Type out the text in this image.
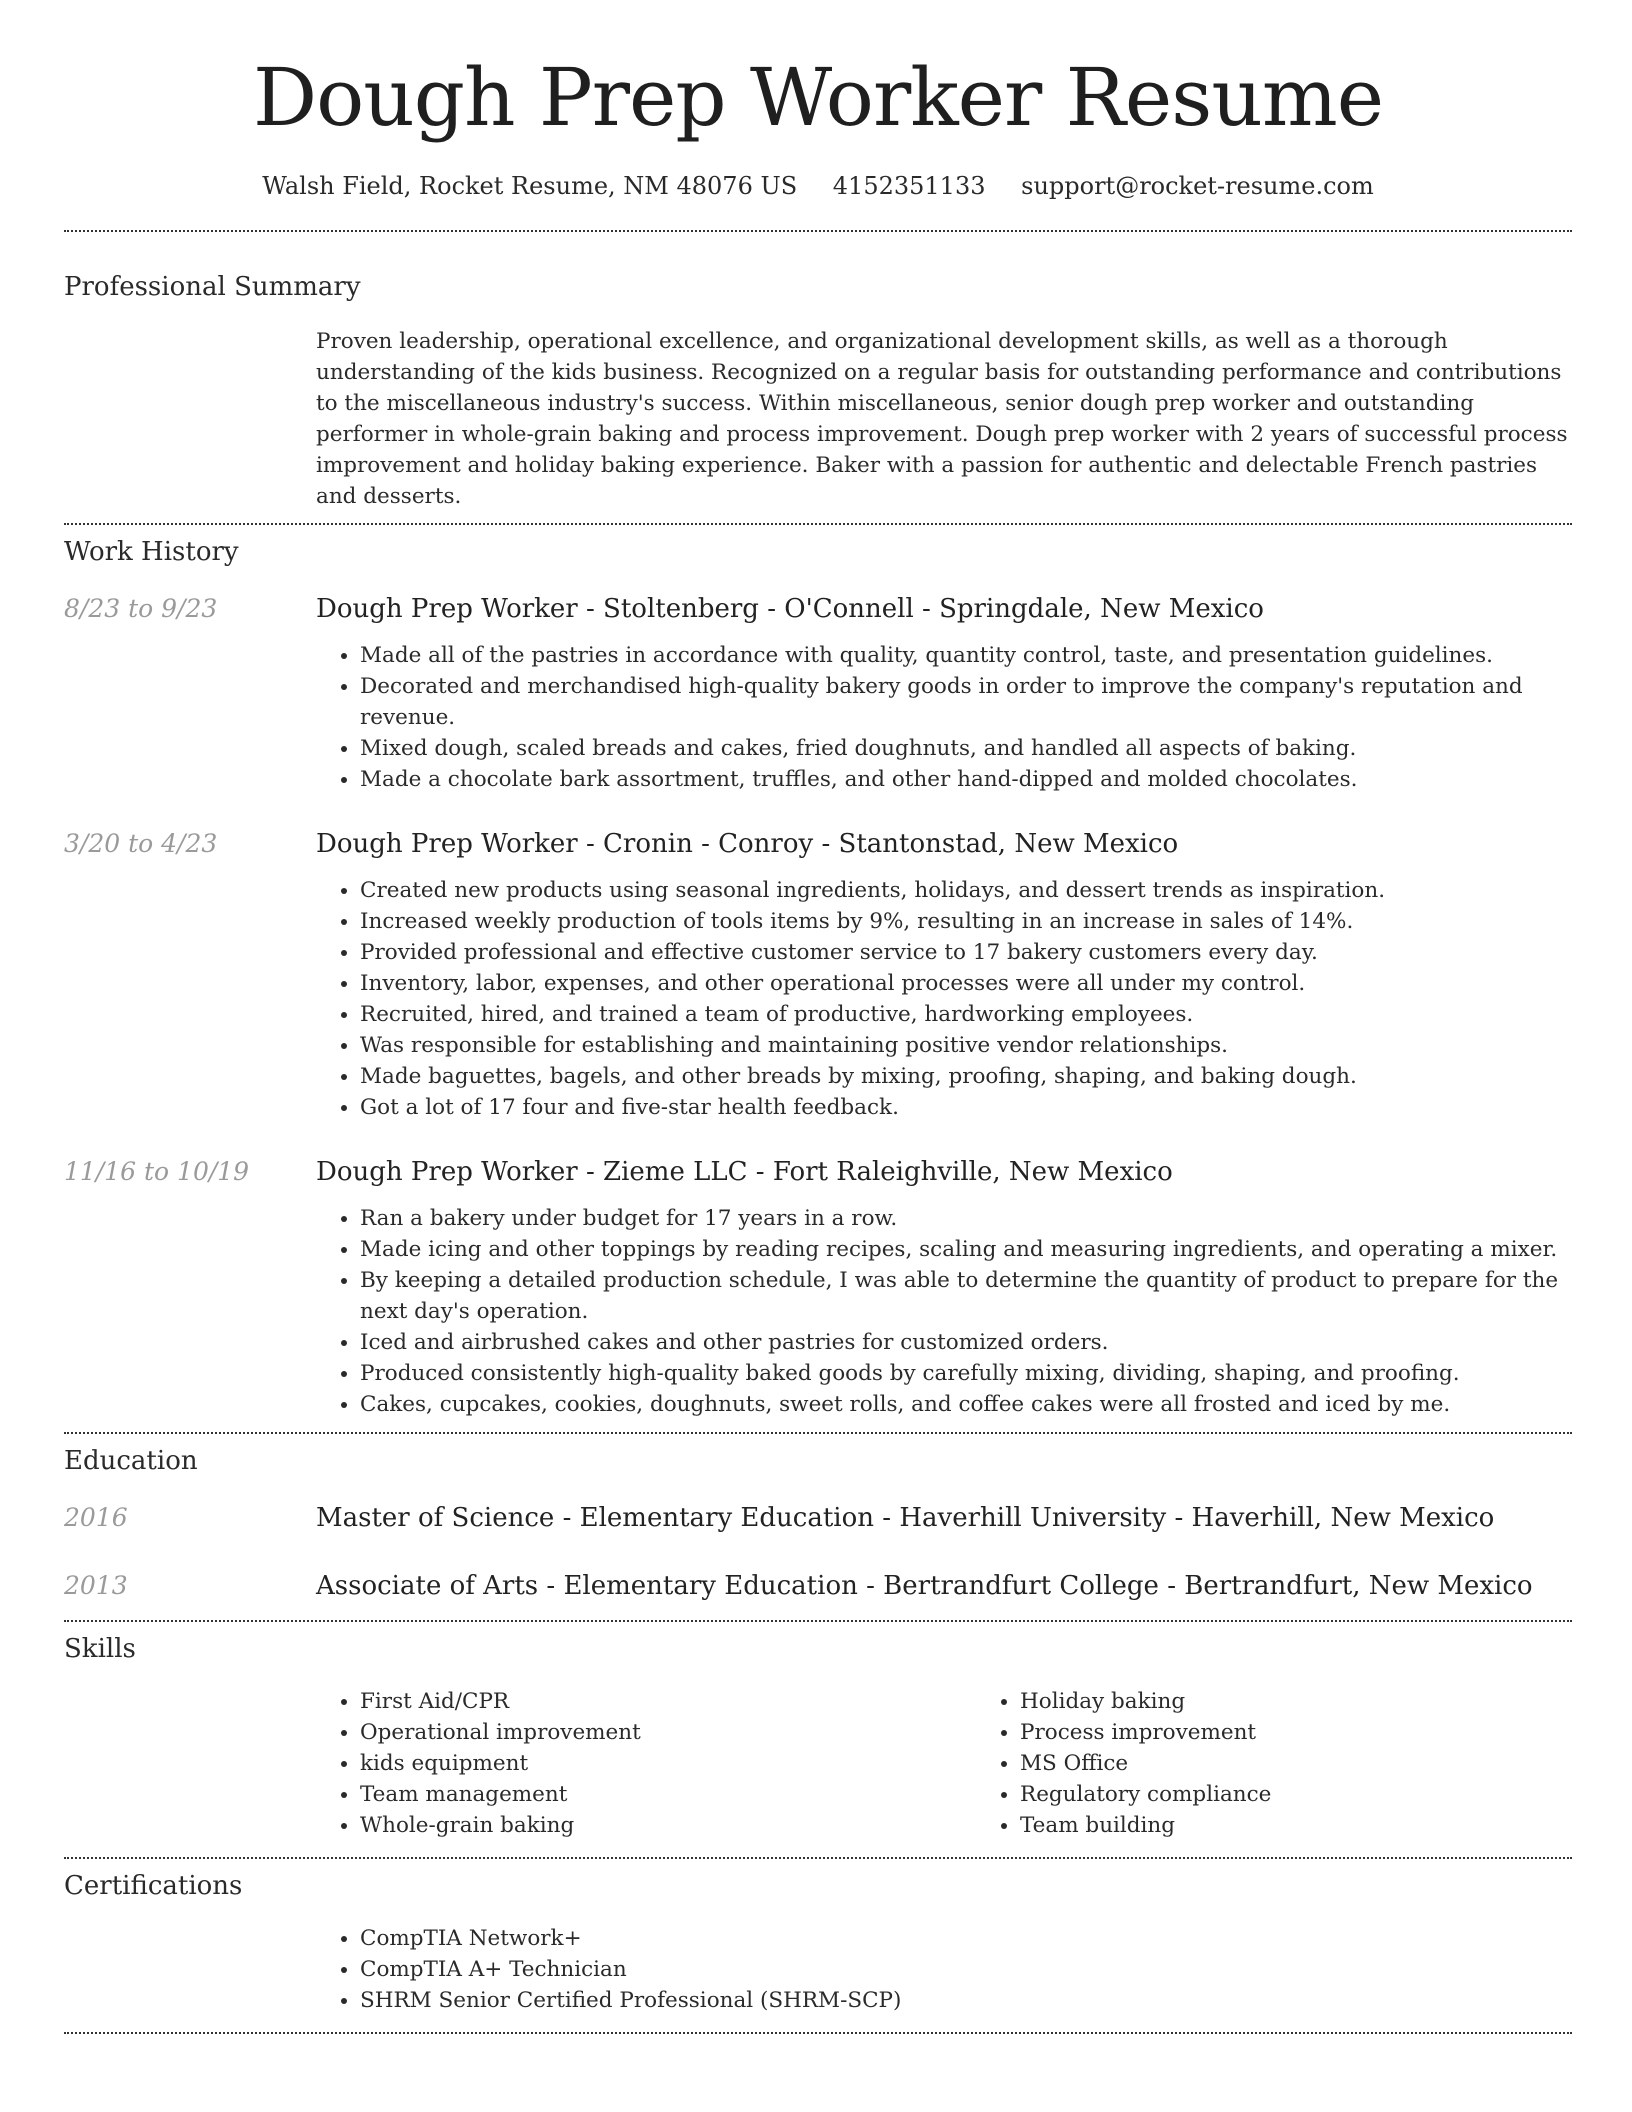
Dough Prep Worker Resume
Walsh Field, Rocket Resume, NM 48076 US 4152351133 support@rocket-resume.com
Professional Summary
Proven leadership, operational excellence, and organizational development skills, as well as a thorough understanding of the kids business. Recognized on a regular basis for outstanding performance and contributions to the miscellaneous industry's success. Within miscellaneous, senior dough prep worker and outstanding performer in whole-grain baking and process improvement. Dough prep worker with 2 years of successful process improvement and holiday baking experience. Baker with a passion for authentic and delectable French pastries and desserts.
Work History
8/23 to 9/23	Dough Prep Worker - Stoltenberg - O'Connell - Springdale, New Mexico
• Made all of the pastries in accordance with quality, quantity control, taste, and presentation guidelines.
• Decorated and merchandised high-quality bakery goods in order to improve the company's reputation and revenue.
• Mixed dough, scaled breads and cakes, fried doughnuts, and handled all aspects of baking.
• Made a chocolate bark assortment, truffles, and other hand-dipped and molded chocolates.
3/20 to 4/23	Dough Prep Worker - Cronin - Conroy - Stantonstad, New Mexico
• Created new products using seasonal ingredients, holidays, and dessert trends as inspiration.
• Increased weekly production of tools items by 9%, resulting in an increase in sales of 14%.
• Provided professional and effective customer service to 17 bakery customers every day.
• Inventory, labor, expenses, and other operational processes were all under my control.
• Recruited, hired, and trained a team of productive, hardworking employees.
• Was responsible for establishing and maintaining positive vendor relationships.
• Made baguettes, bagels, and other breads by mixing, proofing, shaping, and baking dough.
• Got a lot of 17 four and five-star health feedback.
11/16 to 10/19	Dough Prep Worker - Zieme LLC - Fort Raleighville, New Mexico
• Ran a bakery under budget for 17 years in a row.
• Made icing and other toppings by reading recipes, scaling and measuring ingredients, and operating a mixer.
• By keeping a detailed production schedule, I was able to determine the quantity of product to prepare for the next day's operation.
• Iced and airbrushed cakes and other pastries for customized orders.
• Produced consistently high-quality baked goods by carefully mixing, dividing, shaping, and proofing.
• Cakes, cupcakes, cookies, doughnuts, sweet rolls, and coffee cakes were all frosted and iced by me.
Education
2016	Master of Science - Elementary Education - Haverhill University - Haverhill, New Mexico
2013	Associate of Arts - Elementary Education - Bertrandfurt College - Bertrandfurt, New Mexico
Skills
• First Aid/CPR
• Operational improvement
• kids equipment
• Team management
• Whole-grain baking
• Holiday baking
• Process improvement
• MS Office
• Regulatory compliance
• Team building
Certifications
• CompTIA Network+
• CompTIA A+ Technician
• SHRM Senior Certified Professional (SHRM-SCP)
